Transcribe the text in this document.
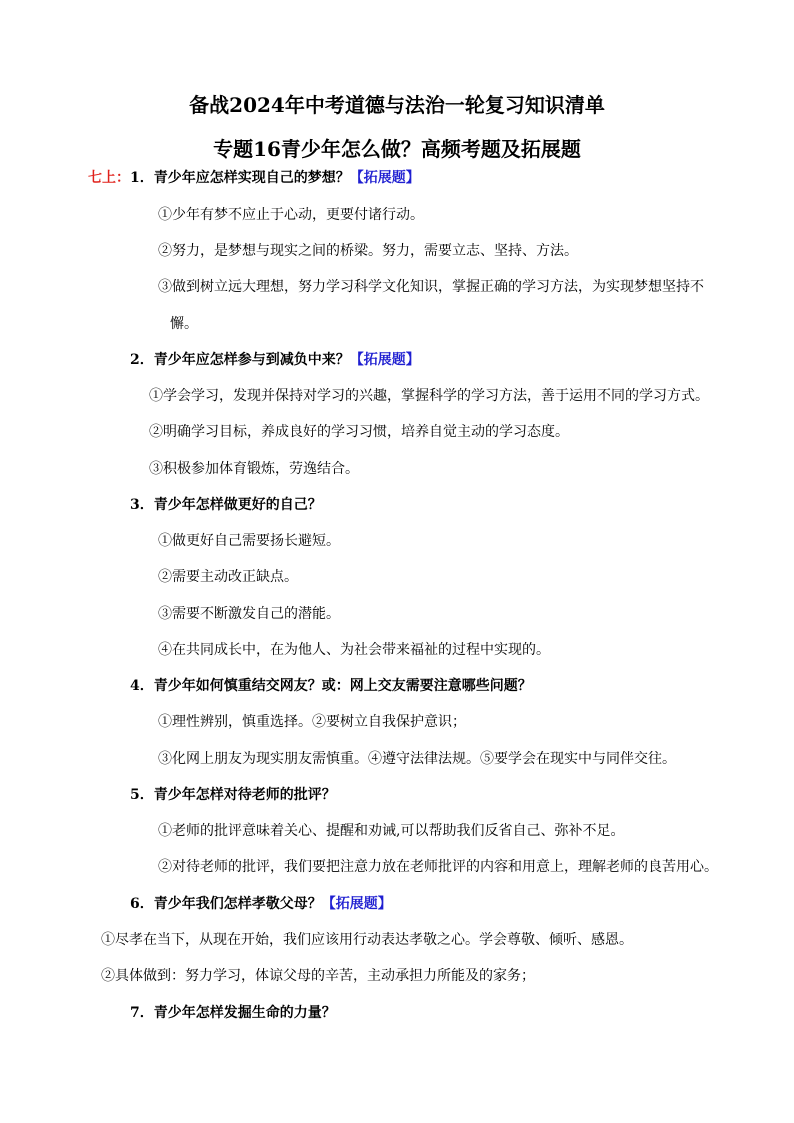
备战2024年中考道德与法治一轮复习知识清单
专题16青少年怎么做？高频考题及拓展题
七上：1．青少年应怎样实现自己的梦想？【拓展题】
①少年有梦不应止于心动，更要付诸行动。
②努力，是梦想与现实之间的桥梁。努力，需要立志、坚持、方法。
③做到树立远大理想，努力学习科学文化知识，掌握正确的学习方法，为实现梦想坚持不
懈。
2．青少年应怎样参与到减负中来？【拓展题】
①学会学习，发现并保持对学习的兴趣，掌握科学的学习方法，善于运用不同的学习方式。
②明确学习目标，养成良好的学习习惯，培养自觉主动的学习态度。
③积极参加体育锻炼，劳逸结合。
3．青少年怎样做更好的自己？
①做更好自己需要扬长避短。
②需要主动改正缺点。
③需要不断激发自己的潜能。
④在共同成长中，在为他人、为社会带来福祉的过程中实现的。
4．青少年如何慎重结交网友？或：网上交友需要注意哪些问题？
①理性辨别，慎重选择。②要树立自我保护意识；
③化网上朋友为现实朋友需慎重。④遵守法律法规。⑤要学会在现实中与同伴交往。
5．青少年怎样对待老师的批评？
①老师的批评意味着关心、提醒和劝诫,可以帮助我们反省自己、弥补不足。
②对待老师的批评，我们要把注意力放在老师批评的内容和用意上，理解老师的良苦用心。
6．青少年我们怎样孝敬父母？【拓展题】
①尽孝在当下，从现在开始，我们应该用行动表达孝敬之心。学会尊敬、倾听、感恩。
②具体做到：努力学习，体谅父母的辛苦，主动承担力所能及的家务；
7．青少年怎样发掘生命的力量？
